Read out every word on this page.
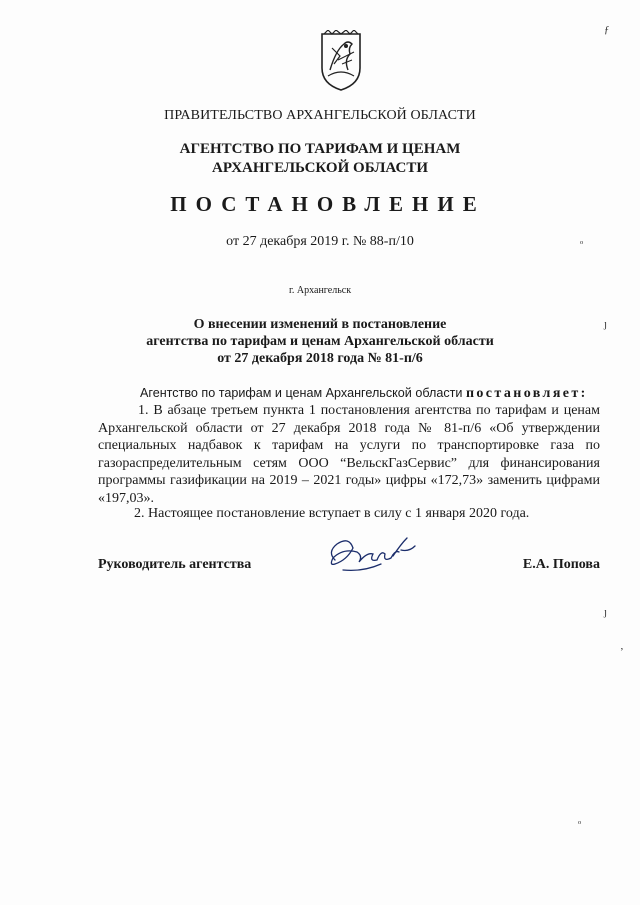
ПРАВИТЕЛЬСТВО АРХАНГЕЛЬСКОЙ ОБЛАСТИ
АГЕНТСТВО ПО ТАРИФАМ И ЦЕНАМ
АРХАНГЕЛЬСКОЙ ОБЛАСТИ
ПОСТАНОВЛЕНИЕ
от 27 декабря 2019 г. № 88-п/10
г. Архангельск
О внесении изменений в постановление
агентства по тарифам и ценам Архангельской области
от 27 декабря 2018 года № 81-п/6
Агентство по тарифам и ценам Архангельской области постановляет:
1. В абзаце третьем пункта 1 постановления агентства по тарифам и ценам Архангельской области от 27 декабря 2018 года № 81-п/6 «Об утверждении специальных надбавок к тарифам на услуги по транспортировке газа по газораспределительным сетям ООО “ВельскГазСервис” для финансирования программы газификации на 2019 – 2021 годы» цифры «172,73» заменить цифрами «197,03».
2. Настоящее постановление вступает в силу с 1 января 2020 года.
Руководитель агентства	Е.А. Попова
ƒ
ᵒ
ȷ
ȷ
‚
ᵒ
